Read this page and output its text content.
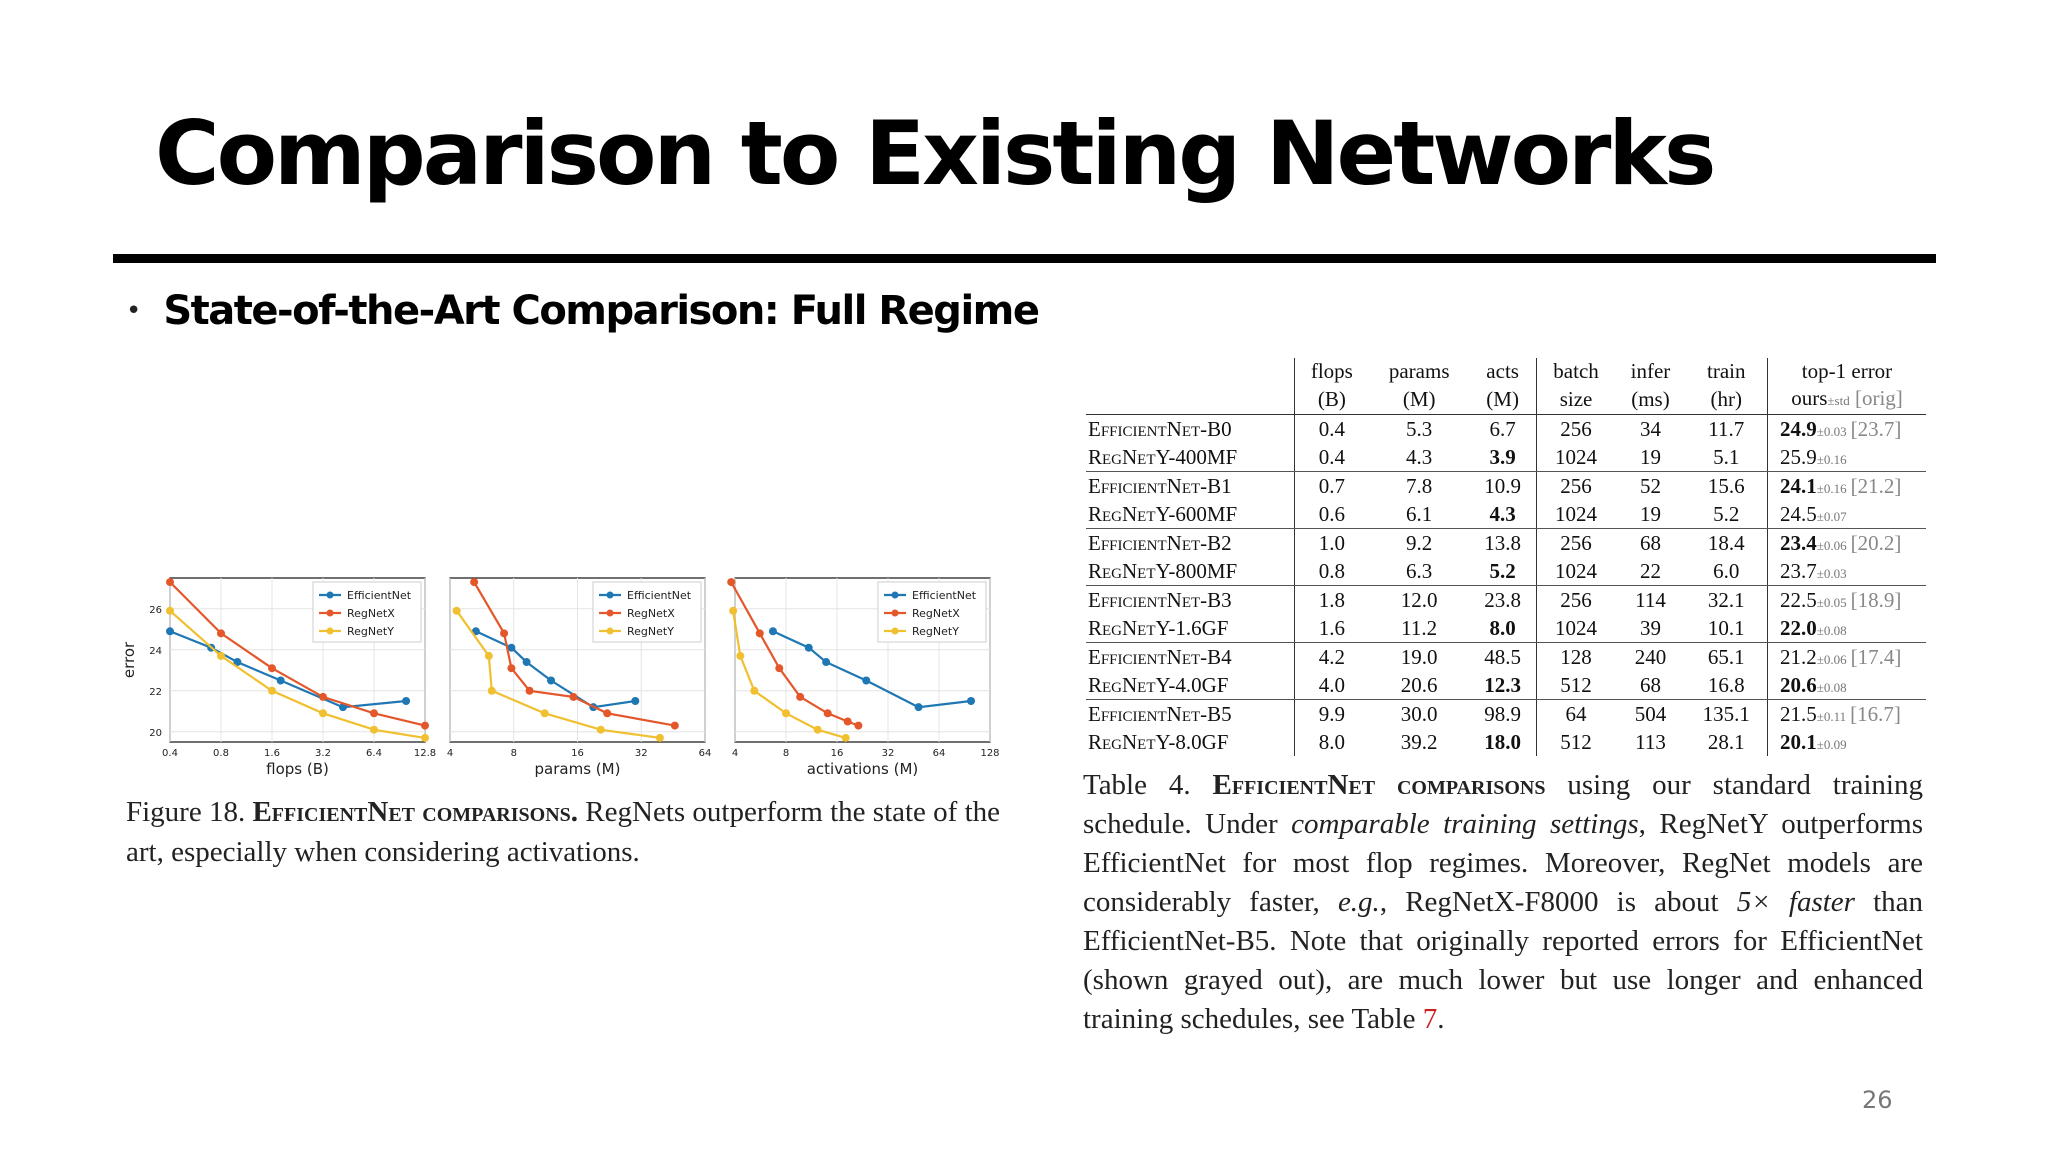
Comparison to Existing Networks
• State-of-the-Art Comparison: Full Regime
0.4	0.8	1.6	3.2	6.4	12.8
20
22
24
26
flops (B)
error
EfficientNet
RegNetX
RegNetY
4	8	16	32	64
params (M)
EfficientNet
RegNetX
RegNetY
4	8	16	32	64	128
activations (M)
EfficientNet
RegNetX
RegNetY
Figure 18. EfficientNet comparisons. RegNets outperform the state of the art, especially when considering activations.
	flops	params	acts	batch	infer	train	top-1 error
	(B)	(M)	(M)	size	(ms)	(hr)	ours±std [orig]
EfficientNet-B0	0.4	5.3	6.7	256	34	11.7	24.9±0.03 [23.7]
RegNetY-400MF	0.4	4.3	3.9	1024	19	5.1	25.9±0.16
EfficientNet-B1	0.7	7.8	10.9	256	52	15.6	24.1±0.16 [21.2]
RegNetY-600MF	0.6	6.1	4.3	1024	19	5.2	24.5±0.07
EfficientNet-B2	1.0	9.2	13.8	256	68	18.4	23.4±0.06 [20.2]
RegNetY-800MF	0.8	6.3	5.2	1024	22	6.0	23.7±0.03
EfficientNet-B3	1.8	12.0	23.8	256	114	32.1	22.5±0.05 [18.9]
RegNetY-1.6GF	1.6	11.2	8.0	1024	39	10.1	22.0±0.08
EfficientNet-B4	4.2	19.0	48.5	128	240	65.1	21.2±0.06 [17.4]
RegNetY-4.0GF	4.0	20.6	12.3	512	68	16.8	20.6±0.08
EfficientNet-B5	9.9	30.0	98.9	64	504	135.1	21.5±0.11 [16.7]
RegNetY-8.0GF	8.0	39.2	18.0	512	113	28.1	20.1±0.09
Table 4. EfficientNet comparisons using our standard training schedule. Under comparable training settings, RegNetY outperforms EfficientNet for most flop regimes. Moreover, RegNet models are considerably faster, e.g., RegNetX-F8000 is about 5× faster than EfficientNet-B5. Note that originally reported errors for EfficientNet (shown grayed out), are much lower but use longer and enhanced training schedules, see Table 7.
26
